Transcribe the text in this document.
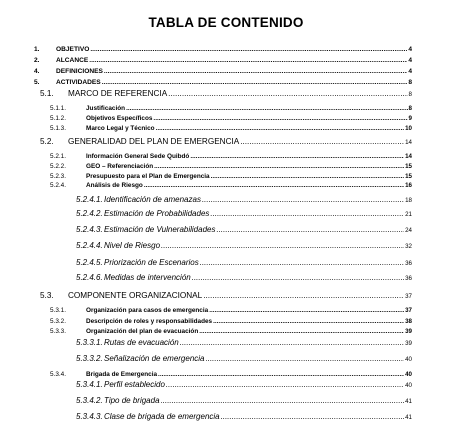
TABLA DE CONTENIDO
1.	OBJETIVO .....	4
2.	ALCANCE .....	4
4.	DEFINICIONES .....	4
5.	ACTIVIDADES .....	8
5.1.	MARCO DE REFERENCIA .....	8
5.1.1.	Justificación .....	8
5.1.2.	Objetivos Específicos .....	9
5.1.3.	Marco Legal y Técnico .....	10
5.2.	GENERALIDAD DEL PLAN DE EMERGENCIA .....	14
5.2.1.	Información General Sede Quibdó .....	14
5.2.2.	GEO – Referenciación .....	15
5.2.3.	Presupuesto para el Plan de Emergencia .....	15
5.2.4.	Análisis de Riesgo .....	16
5.2.4.1. Identificación de amenazas .....	18
5.2.4.2. Estimación de Probabilidades .....	21
5.2.4.3. Estimación de Vulnerabilidades .....	24
5.2.4.4. Nivel de Riesgo .....	32
5.2.4.5. Priorización de Escenarios .....	36
5.2.4.6. Medidas de intervención .....	36
5.3.	COMPONENTE ORGANIZACIONAL .....	37
5.3.1.	Organización para casos de emergencia .....	37
5.3.2.	Descripción de roles y responsabilidades .....	38
5.3.3.	Organización del plan de evacuación .....	39
5.3.3.1. Rutas de evacuación .....	39
5.3.3.2. Señalización de emergencia .....	40
5.3.4.	Brigada de Emergencia .....	40
5.3.4.1. Perfil establecido .....	40
5.3.4.2. Tipo de brigada .....	41
5.3.4.3. Clase de brigada de emergencia .....	41
